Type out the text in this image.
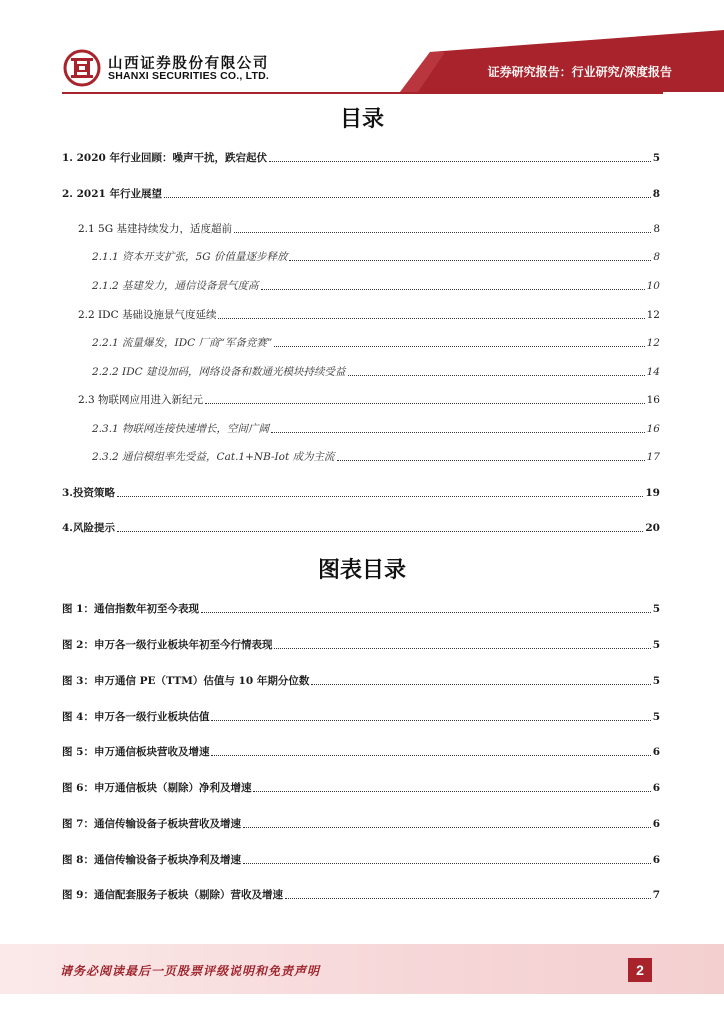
山西证券股份有限公司
SHANXI SECURITIES CO., LTD.	证券研究报告：行业研究/深度报告
目录
1. 2020 年行业回顾：噪声干扰，跌宕起伏	5
2. 2021 年行业展望	8
2.1 5G 基建持续发力，适度超前	8
2.1.1 资本开支扩张，5G 价值量逐步释放	8
2.1.2 基建发力，通信设备景气度高	10
2.2 IDC 基础设施景气度延续	12
2.2.1 流量爆发，IDC 厂商“军备竞赛”	12
2.2.2 IDC 建设加码，网络设备和数通光模块持续受益	14
2.3 物联网应用进入新纪元	16
2.3.1 物联网连接快速增长，空间广阔	16
2.3.2 通信模组率先受益，Cat.1+NB-Iot 成为主流	17
3.投资策略	19
4.风险提示	20
图表目录
图 1：通信指数年初至今表现	5
图 2：申万各一级行业板块年初至今行情表现	5
图 3：申万通信 PE（TTM）估值与 10 年期分位数	5
图 4：申万各一级行业板块估值	5
图 5：申万通信板块营收及增速	6
图 6：申万通信板块（剔除）净利及增速	6
图 7：通信传输设备子板块营收及增速	6
图 8：通信传输设备子板块净利及增速	6
图 9：通信配套服务子板块（剔除）营收及增速	7
请务必阅读最后一页股票评级说明和免责声明	2
